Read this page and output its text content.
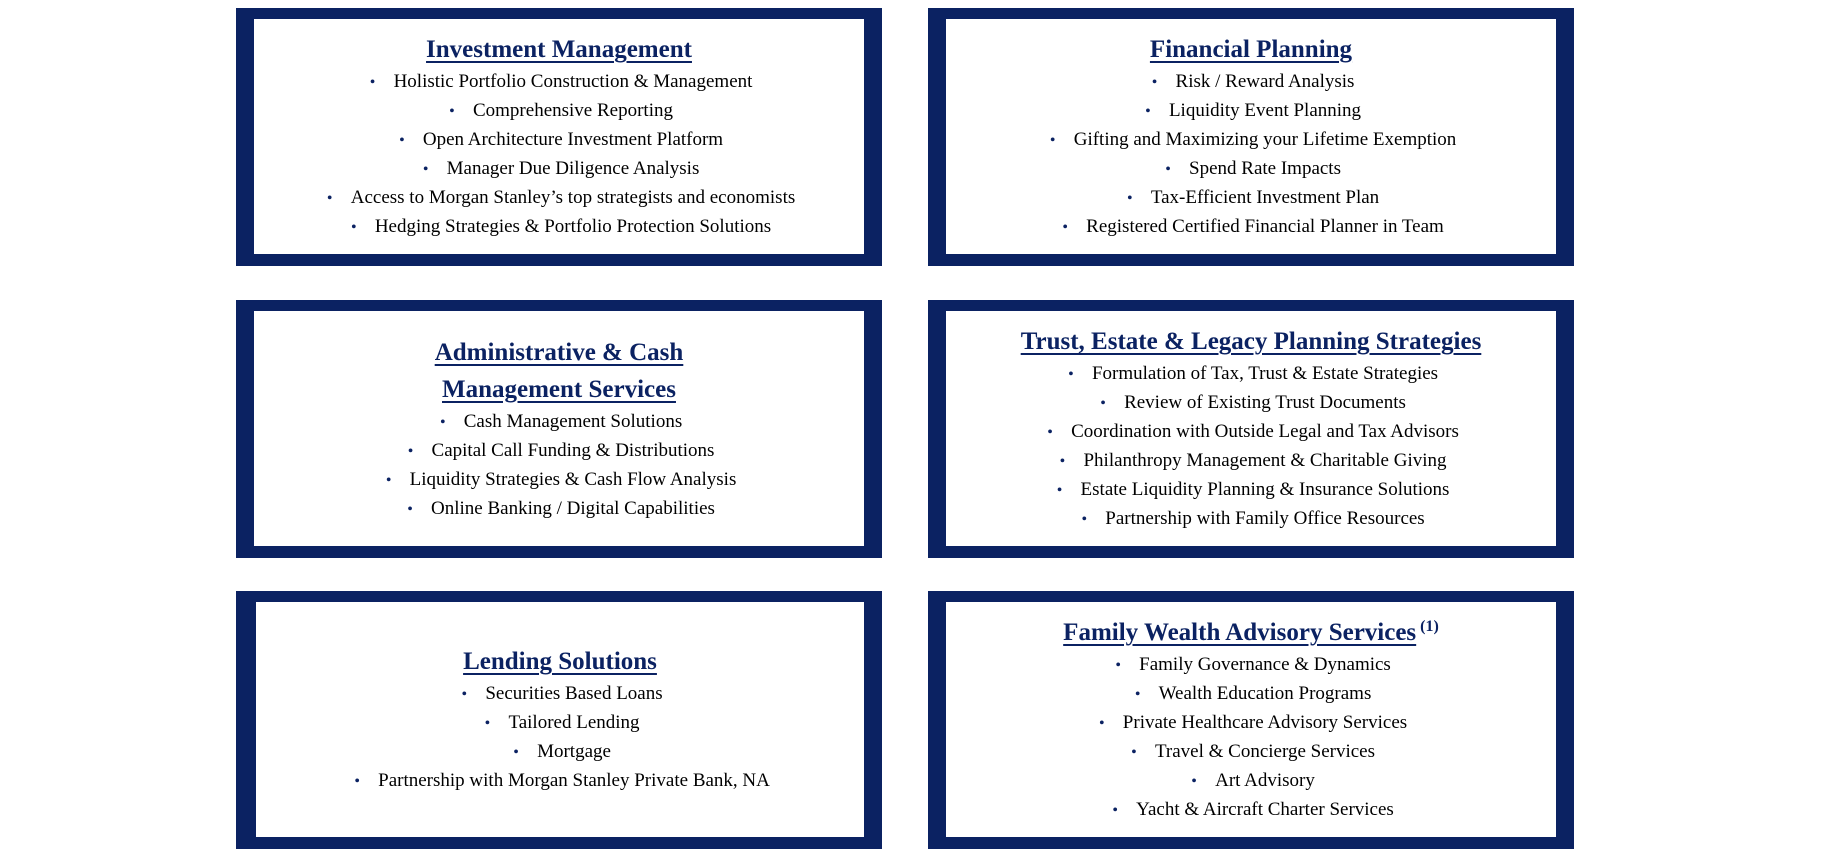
Investment Management
• Holistic Portfolio Construction & Management
• Comprehensive Reporting
• Open Architecture Investment Platform
• Manager Due Diligence Analysis
• Access to Morgan Stanley’s top strategists and economists
• Hedging Strategies & Portfolio Protection Solutions
Financial Planning
• Risk / Reward Analysis
• Liquidity Event Planning
• Gifting and Maximizing your Lifetime Exemption
• Spend Rate Impacts
• Tax-Efficient Investment Plan
• Registered Certified Financial Planner in Team
Administrative & Cash
Management Services
• Cash Management Solutions
• Capital Call Funding & Distributions
• Liquidity Strategies & Cash Flow Analysis
• Online Banking / Digital Capabilities
Trust, Estate & Legacy Planning Strategies
• Formulation of Tax, Trust & Estate Strategies
• Review of Existing Trust Documents
• Coordination with Outside Legal and Tax Advisors
• Philanthropy Management & Charitable Giving
• Estate Liquidity Planning & Insurance Solutions
• Partnership with Family Office Resources
Lending Solutions
• Securities Based Loans
• Tailored Lending
• Mortgage
• Partnership with Morgan Stanley Private Bank, NA
Family Wealth Advisory Services (1)
• Family Governance & Dynamics
• Wealth Education Programs
• Private Healthcare Advisory Services
• Travel & Concierge Services
• Art Advisory
• Yacht & Aircraft Charter Services
